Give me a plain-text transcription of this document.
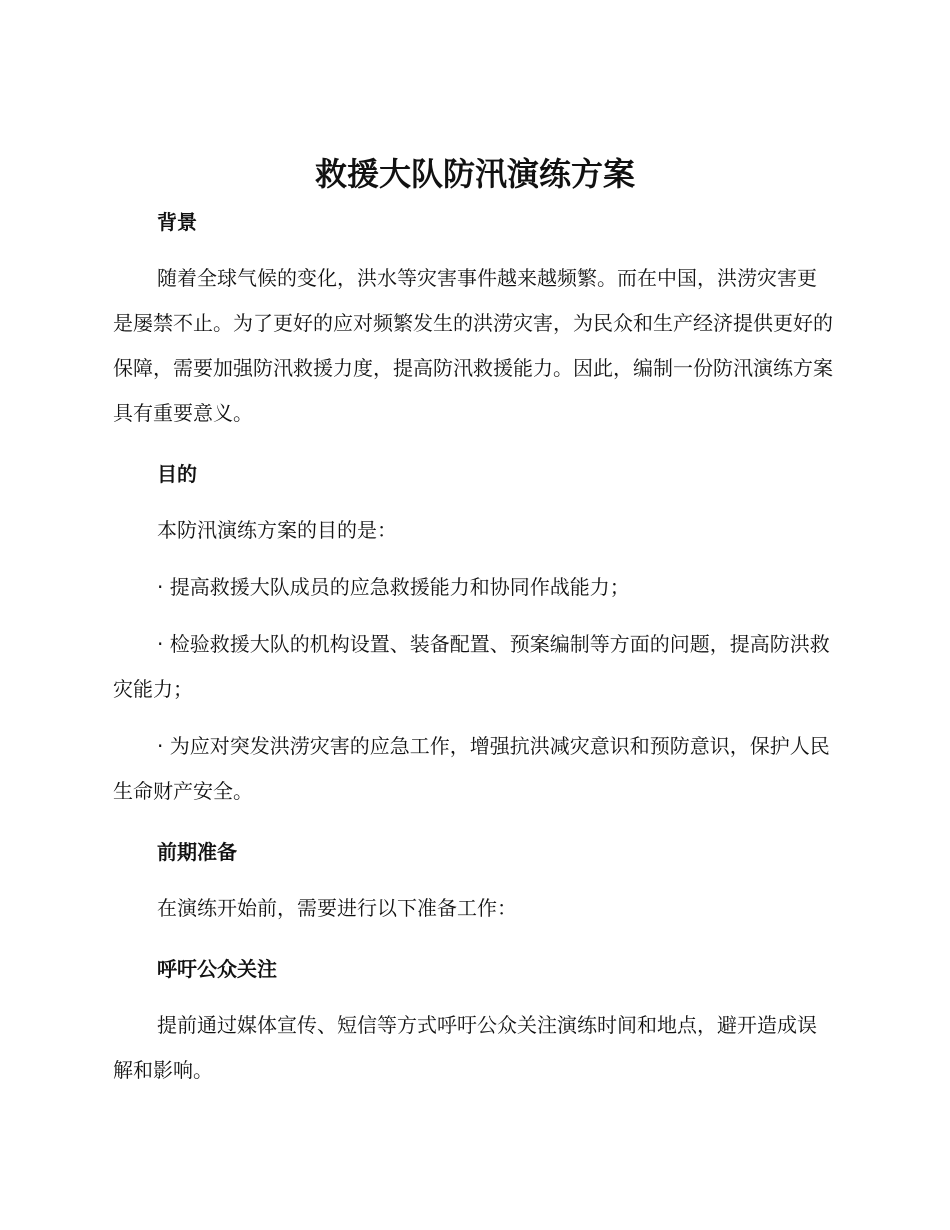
救援大队防汛演练方案
背景
随着全球气候的变化，洪水等灾害事件越来越频繁。而在中国，洪涝灾害更是屡禁不止。为了更好的应对频繁发生的洪涝灾害，为民众和生产经济提供更好的保障，需要加强防汛救援力度，提高防汛救援能力。因此，编制一份防汛演练方案具有重要意义。
目的
本防汛演练方案的目的是：
· 提高救援大队成员的应急救援能力和协同作战能力；
· 检验救援大队的机构设置、装备配置、预案编制等方面的问题，提高防洪救灾能力；
· 为应对突发洪涝灾害的应急工作，增强抗洪减灾意识和预防意识，保护人民生命财产安全。
前期准备
在演练开始前，需要进行以下准备工作：
呼吁公众关注
提前通过媒体宣传、短信等方式呼吁公众关注演练时间和地点，避开造成误解和影响。
